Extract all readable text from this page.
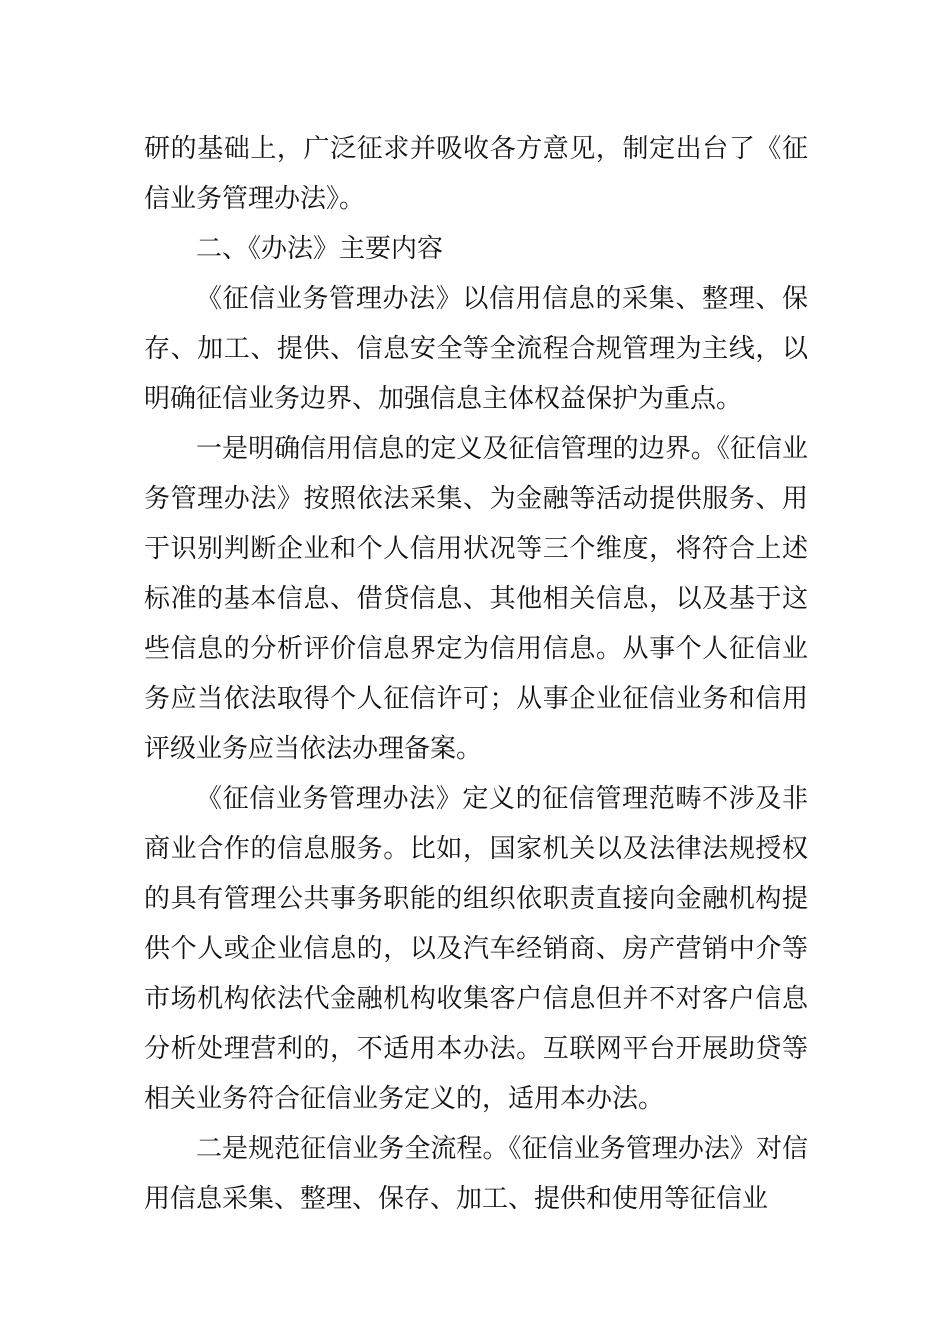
研的基础上，广泛征求并吸收各方意见，制定出台了《征信业务管理办法》。

二、《办法》主要内容

《征信业务管理办法》以信用信息的采集、整理、保存、加工、提供、信息安全等全流程合规管理为主线，以明确征信业务边界、加强信息主体权益保护为重点。

一是明确信用信息的定义及征信管理的边界。《征信业务管理办法》按照依法采集、为金融等活动提供服务、用于识别判断企业和个人信用状况等三个维度，将符合上述标准的基本信息、借贷信息、其他相关信息，以及基于这些信息的分析评价信息界定为信用信息。从事个人征信业务应当依法取得个人征信许可；从事企业征信业务和信用评级业务应当依法办理备案。

《征信业务管理办法》定义的征信管理范畴不涉及非商业合作的信息服务。比如，国家机关以及法律法规授权的具有管理公共事务职能的组织依职责直接向金融机构提供个人或企业信息的，以及汽车经销商、房产营销中介等市场机构依法代金融机构收集客户信息但并不对客户信息分析处理营利的，不适用本办法。互联网平台开展助贷等相关业务符合征信业务定义的，适用本办法。

二是规范征信业务全流程。《征信业务管理办法》对信用信息采集、整理、保存、加工、提供和使用等征信业
